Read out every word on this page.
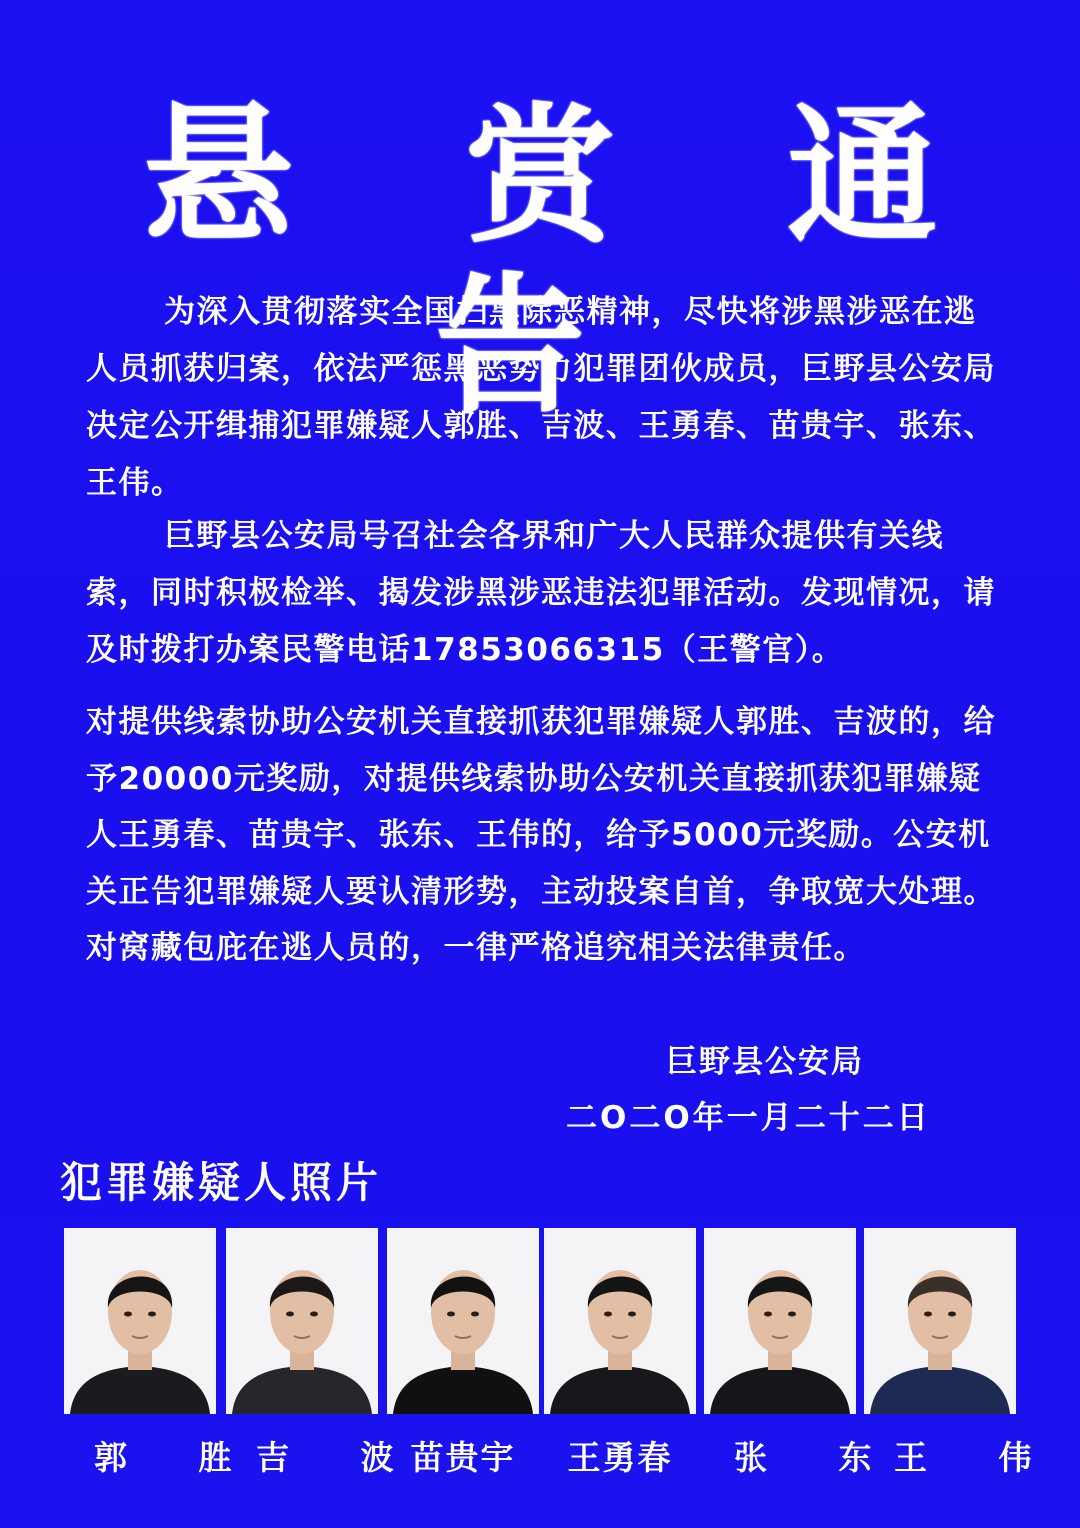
悬 赏 通 告
为深入贯彻落实全国扫黑除恶精神，尽快将涉黑涉恶在逃人员抓获归案，依法严惩黑恶势力犯罪团伙成员，巨野县公安局决定公开缉捕犯罪嫌疑人郭胜、吉波、王勇春、苗贵宇、张东、王伟。
巨野县公安局号召社会各界和广大人民群众提供有关线索，同时积极检举、揭发涉黑涉恶违法犯罪活动。发现情况，请及时拨打办案民警电话17853066315（王警官）。
对提供线索协助公安机关直接抓获犯罪嫌疑人郭胜、吉波的，给予20000元奖励，对提供线索协助公安机关直接抓获犯罪嫌疑人王勇春、苗贵宇、张东、王伟的，给予5000元奖励。公安机关正告犯罪嫌疑人要认清形势，主动投案自首，争取宽大处理。对窝藏包庇在逃人员的，一律严格追究相关法律责任。
巨野县公安局
二O二O年一月二十二日
犯罪嫌疑人照片
郭 胜
吉 波
苗贵宇	王勇春	张 东
王 伟
